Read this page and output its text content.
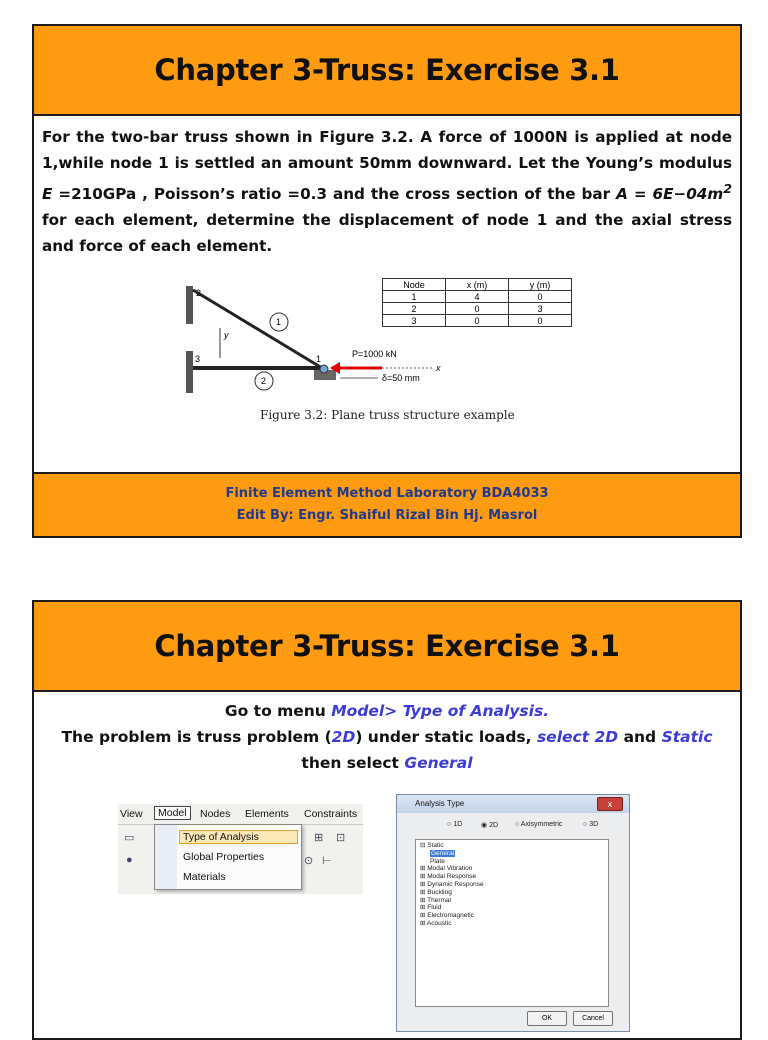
Chapter 3-Truss: Exercise 3.1
For the two-bar truss shown in Figure 3.2. A force of 1000N is applied at node 1,while node 1 is settled an amount 50mm downward. Let the Young’s modulus E =210GPa , Poisson’s ratio =0.3 and the cross section of the bar $A = 6E-04m^2$ for each element, determine the displacement of node 1 and the axial stress and force of each element.
2
3	1
1
2
y
x
P=1000 kN
δ=50 mm
Node	x (m)	y (m)
1	4	0
2	0	3
3	0	0
Figure 3.2: Plane truss structure example
Finite Element Method Laboratory BDA4033
Edit By: Engr. Shaiful Rizal Bin Hj. Masrol
Chapter 3-Truss: Exercise 3.1
Go to menu Model> Type of Analysis.
The problem is truss problem (2D) under static loads, select 2D and Static
then select General
View	Model	Nodes Elements Constraints
▭
●
⊞ ⊡
⊙ ⊢
Type of Analysis
Global Properties
Materials
Analysis Type	x
○ 1D	◉ 2D ○ Axisymmetric	○ 3D
⊟ Static
General
Plate
⊞ Modal Vibration
⊞ Modal Response
⊞ Dynamic Response
⊞ Buckling
⊞ Thermal
⊞ Fluid
⊞ Electromagnetic
⊞ Acoustic
OK	Cancel
